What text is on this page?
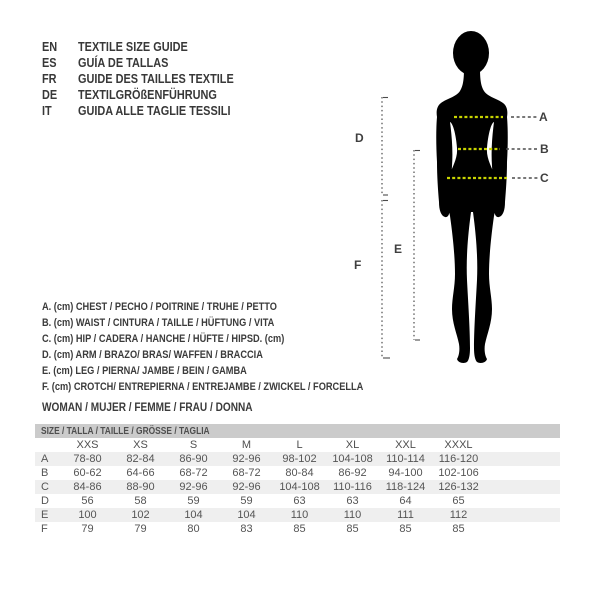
EN	TEXTILE SIZE GUIDE
ES	GUÍA DE TALLAS
FR	GUIDE DES TAILLES TEXTILE
DE	TEXTILGRÖßENFÜHRUNG
IT	GUIDA ALLE TAGLIE TESSILI	A
B
C
D
E
F
A. (cm) CHEST / PECHO / POITRINE / TRUHE / PETTO
B. (cm) WAIST / CINTURA / TAILLE / HÜFTUNG / VITA
C. (cm) HIP / CADERA / HANCHE / HÜFTE / HIPSD. (cm)
D. (cm) ARM / BRAZO/ BRAS/ WAFFEN / BRACCIA
E. (cm) LEG / PIERNA/ JAMBE / BEIN / GAMBA
F. (cm) CROTCH/ ENTREPIERNA / ENTREJAMBE / ZWICKEL / FORCELLA
WOMAN / MUJER / FEMME / FRAU / DONNA
SIZE / TALLA / TAILLE / GRÖSSE / TAGLIA
	XXS	XS	S	M	L	XL	XXL	XXXL	
A	78-80	82-84	86-90	92-96	98-102	104-108	110-114	116-120	
B	60-62	64-66	68-72	68-72	80-84	86-92	94-100	102-106	
C	84-86	88-90	92-96	92-96	104-108	110-116	118-124	126-132	
D	56	58	59	59	63	63	64	65	
E	100	102	104	104	110	110	111	112	
F	79	79	80	83	85	85	85	85	
